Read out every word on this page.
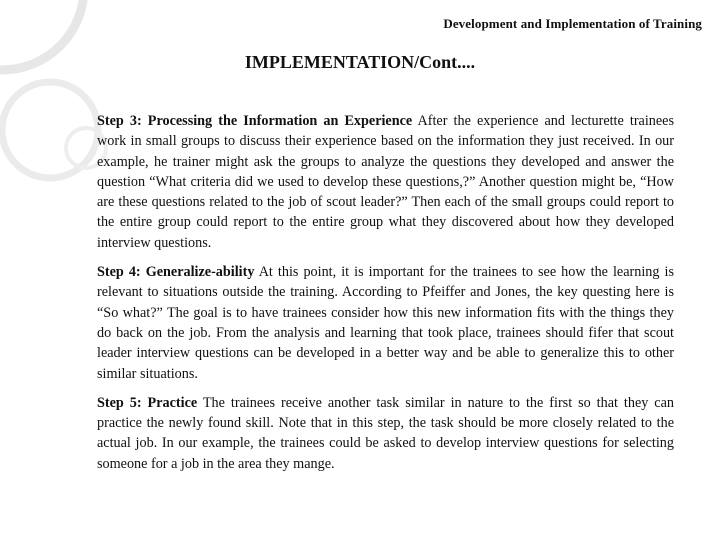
Development and Implementation of Training
IMPLEMENTATION/Cont....

Step 3: Processing the Information an Experience After the experience and lecturette trainees work in small groups to discuss their experience based on the information they just received. In our example, he trainer might ask the groups to analyze the questions they developed and answer the question “What criteria did we used to develop these questions,?” Another question might be, “How are these questions related to the job of scout leader?” Then each of the small groups could report to the entire group could report to the entire group what they discovered about how they developed interview questions.

Step 4: Generalize-ability At this point, it is important for the trainees to see how the learning is relevant to situations outside the training. According to Pfeiffer and Jones, the key questing here is “So what?” The goal is to have trainees consider how this new information fits with the things they do back on the job. From the analysis and learning that took place, trainees should fifer that scout leader interview questions can be developed in a better way and be able to generalize this to other similar situations.

Step 5: Practice The trainees receive another task similar in nature to the first so that they can practice the newly found skill. Note that in this step, the task should be more closely related to the actual job. In our example, the trainees could be asked to develop interview questions for selecting someone for a job in the area they mange.
